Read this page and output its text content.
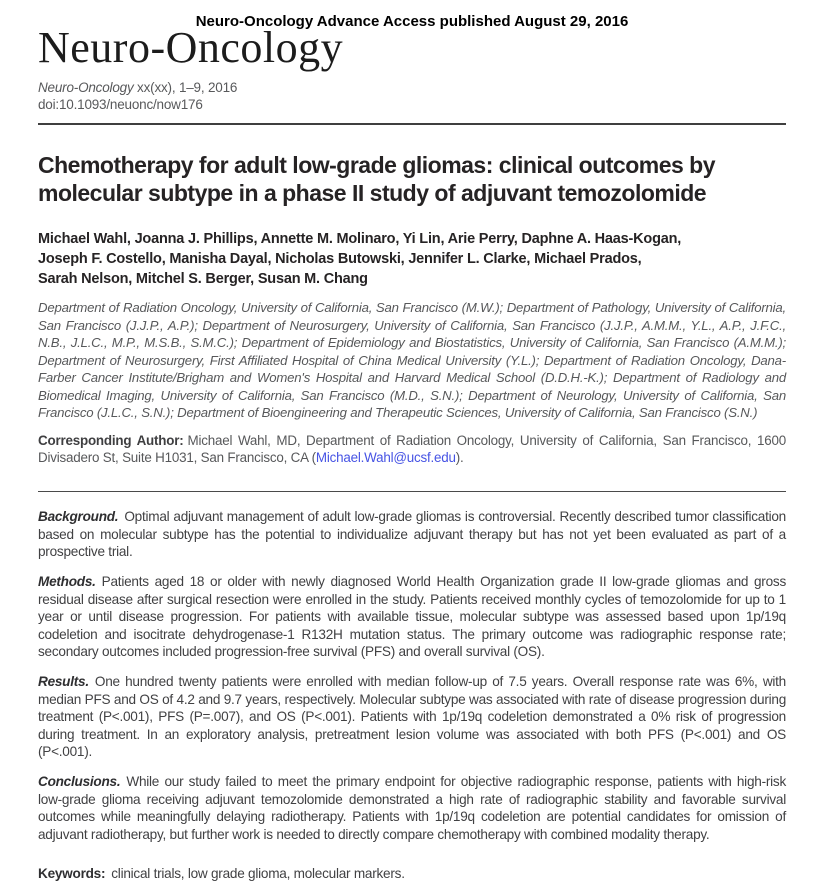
Neuro-Oncology Advance Access published August 29, 2016
Neuro-Oncology
Neuro-Oncology xx(xx), 1–9, 2016
doi:10.1093/neuonc/now176
Chemotherapy for adult low-grade gliomas: clinical outcomes by molecular subtype in a phase II study of adjuvant temozolomide
Michael Wahl, Joanna J. Phillips, Annette M. Molinaro, Yi Lin, Arie Perry, Daphne A. Haas-Kogan,
Joseph F. Costello, Manisha Dayal, Nicholas Butowski, Jennifer L. Clarke, Michael Prados,
Sarah Nelson, Mitchel S. Berger, Susan M. Chang

Department of Radiation Oncology, University of California, San Francisco (M.W.); Department of Pathology, University of California, San Francisco (J.J.P., A.P.); Department of Neurosurgery, University of California, San Francisco (J.J.P., A.M.M., Y.L., A.P., J.F.C., N.B., J.L.C., M.P., M.S.B., S.M.C.); Department of Epidemiology and Biostatistics, University of California, San Francisco (A.M.M.); Department of Neurosurgery, First Affiliated Hospital of China Medical University (Y.L.); Department of Radiation Oncology, Dana-Farber Cancer Institute/Brigham and Women's Hospital and Harvard Medical School (D.D.H.-K.); Department of Radiology and Biomedical Imaging, University of California, San Francisco (M.D., S.N.); Department of Neurology, University of California, San Francisco (J.L.C., S.N.); Department of Bioengineering and Therapeutic Sciences, University of California, San Francisco (S.N.)

Corresponding Author: Michael Wahl, MD, Department of Radiation Oncology, University of California, San Francisco, 1600 Divisadero St, Suite H1031, San Francisco, CA (Michael.Wahl@ucsf.edu).

Background. Optimal adjuvant management of adult low-grade gliomas is controversial. Recently described tumor classification based on molecular subtype has the potential to individualize adjuvant therapy but has not yet been evaluated as part of a prospective trial.

Methods. Patients aged 18 or older with newly diagnosed World Health Organization grade II low-grade gliomas and gross residual disease after surgical resection were enrolled in the study. Patients received monthly cycles of temozolomide for up to 1 year or until disease progression. For patients with available tissue, molecular subtype was assessed based upon 1p/19q codeletion and isocitrate dehydrogenase-1 R132H mutation status. The primary outcome was radiographic response rate; secondary outcomes included progression-free survival (PFS) and overall survival (OS).

Results. One hundred twenty patients were enrolled with median follow-up of 7.5 years. Overall response rate was 6%, with median PFS and OS of 4.2 and 9.7 years, respectively. Molecular subtype was associated with rate of disease progression during treatment (P<.001), PFS (P=.007), and OS (P<.001). Patients with 1p/19q codeletion demonstrated a 0% risk of progression during treatment. In an exploratory analysis, pretreatment lesion volume was associated with both PFS (P<.001) and OS (P<.001).

Conclusions. While our study failed to meet the primary endpoint for objective radiographic response, patients with high-risk low-grade glioma receiving adjuvant temozolomide demonstrated a high rate of radiographic stability and favorable survival outcomes while meaningfully delaying radiotherapy. Patients with 1p/19q codeletion are potential candidates for omission of adjuvant radiotherapy, but further work is needed to directly compare chemotherapy with combined modality therapy.

Keywords: clinical trials, low grade glioma, molecular markers.
